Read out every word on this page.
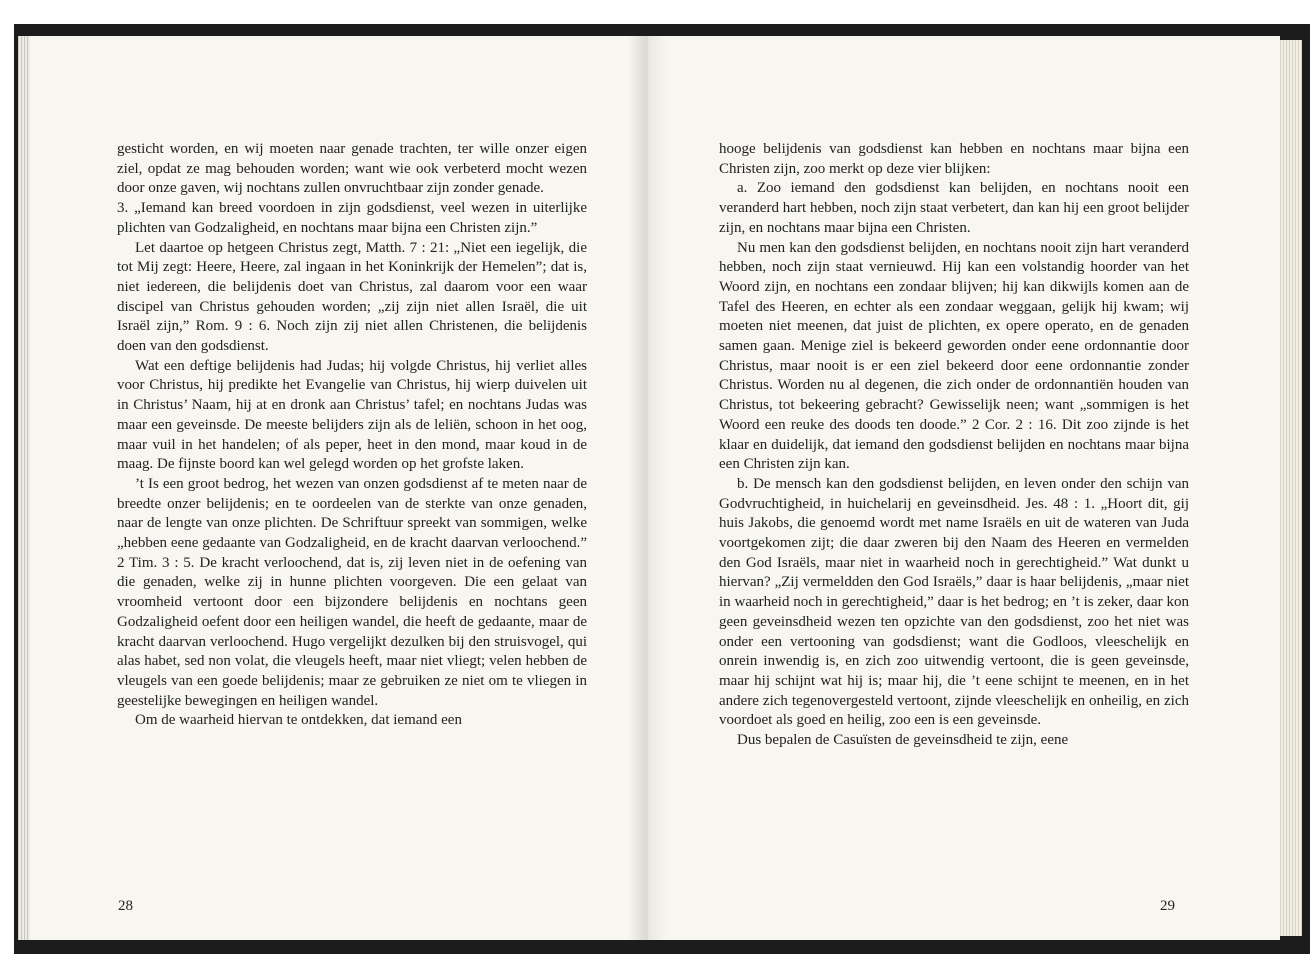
gesticht worden, en wij moeten naar genade trachten, ter wille onzer eigen ziel, opdat ze mag behouden worden; want wie ook verbeterd mocht wezen door onze gaven, wij nochtans zullen onvruchtbaar zijn zonder genade.

3. „Iemand kan breed voordoen in zijn godsdienst, veel wezen in uiterlijke plichten van Godzaligheid, en nochtans maar bijna een Christen zijn.”

Let daartoe op hetgeen Christus zegt, Matth. 7 : 21: „Niet een iegelijk, die tot Mij zegt: Heere, Heere, zal ingaan in het Koninkrijk der Hemelen”; dat is, niet iedereen, die belijdenis doet van Christus, zal daarom voor een waar discipel van Christus gehouden worden; „zij zijn niet allen Israël, die uit Israël zijn,” Rom. 9 : 6. Noch zijn zij niet allen Christenen, die belijdenis doen van den godsdienst.

Wat een deftige belijdenis had Judas; hij volgde Christus, hij verliet alles voor Christus, hij predikte het Evangelie van Christus, hij wierp duivelen uit in Christus’ Naam, hij at en dronk aan Christus’ tafel; en nochtans Judas was maar een geveinsde. De meeste belijders zijn als de leliën, schoon in het oog, maar vuil in het handelen; of als peper, heet in den mond, maar koud in de maag. De fijnste boord kan wel gelegd worden op het grofste laken.

’t Is een groot bedrog, het wezen van onzen godsdienst af te meten naar de breedte onzer belijdenis; en te oordeelen van de sterkte van onze genaden, naar de lengte van onze plichten. De Schriftuur spreekt van sommigen, welke „hebben eene gedaante van Godzaligheid, en de kracht daarvan verloochend.” 2 Tim. 3 : 5. De kracht verloochend, dat is, zij leven niet in de oefening van die genaden, welke zij in hunne plichten voorgeven. Die een gelaat van vroomheid vertoont door een bijzondere belijdenis en nochtans geen Godzaligheid oefent door een heiligen wandel, die heeft de gedaante, maar de kracht daarvan verloochend. Hugo vergelijkt dezulken bij den struisvogel, qui alas habet, sed non volat, die vleugels heeft, maar niet vliegt; velen hebben de vleugels van een goede belijdenis; maar ze gebruiken ze niet om te vliegen in geestelijke bewegingen en heiligen wandel.

Om de waarheid hiervan te ontdekken, dat iemand een

28

hooge belijdenis van godsdienst kan hebben en nochtans maar bijna een Christen zijn, zoo merkt op deze vier blijken:

a. Zoo iemand den godsdienst kan belijden, en nochtans nooit een veranderd hart hebben, noch zijn staat verbetert, dan kan hij een groot belijder zijn, en nochtans maar bijna een Christen.

Nu men kan den godsdienst belijden, en nochtans nooit zijn hart veranderd hebben, noch zijn staat vernieuwd. Hij kan een volstandig hoorder van het Woord zijn, en nochtans een zondaar blijven; hij kan dikwijls komen aan de Tafel des Heeren, en echter als een zondaar weggaan, gelijk hij kwam; wij moeten niet meenen, dat juist de plichten, ex opere operato, en de genaden samen gaan. Menige ziel is bekeerd geworden onder eene ordonnantie door Christus, maar nooit is er een ziel bekeerd door eene ordonnantie zonder Christus. Worden nu al degenen, die zich onder de ordonnantiën houden van Christus, tot bekeering gebracht? Gewisselijk neen; want „sommigen is het Woord een reuke des doods ten doode.” 2 Cor. 2 : 16. Dit zoo zijnde is het klaar en duidelijk, dat iemand den godsdienst belijden en nochtans maar bijna een Christen zijn kan.

b. De mensch kan den godsdienst belijden, en leven onder den schijn van Godvruchtigheid, in huichelarij en geveinsdheid. Jes. 48 : 1. „Hoort dit, gij huis Jakobs, die genoemd wordt met name Israëls en uit de wateren van Juda voortgekomen zijt; die daar zweren bij den Naam des Heeren en vermelden den God Israëls, maar niet in waarheid noch in gerechtigheid.” Wat dunkt u hiervan? „Zij vermeldden den God Israëls,” daar is haar belijdenis, „maar niet in waarheid noch in gerechtigheid,” daar is het bedrog; en ’t is zeker, daar kon geen geveinsdheid wezen ten opzichte van den godsdienst, zoo het niet was onder een vertooning van godsdienst; want die Godloos, vleeschelijk en onrein inwendig is, en zich zoo uitwendig vertoont, die is geen geveinsde, maar hij schijnt wat hij is; maar hij, die ’t eene schijnt te meenen, en in het andere zich tegenovergesteld vertoont, zijnde vleeschelijk en onheilig, en zich voordoet als goed en heilig, zoo een is een geveinsde.

Dus bepalen de Casuïsten de geveinsdheid te zijn, eene

29
